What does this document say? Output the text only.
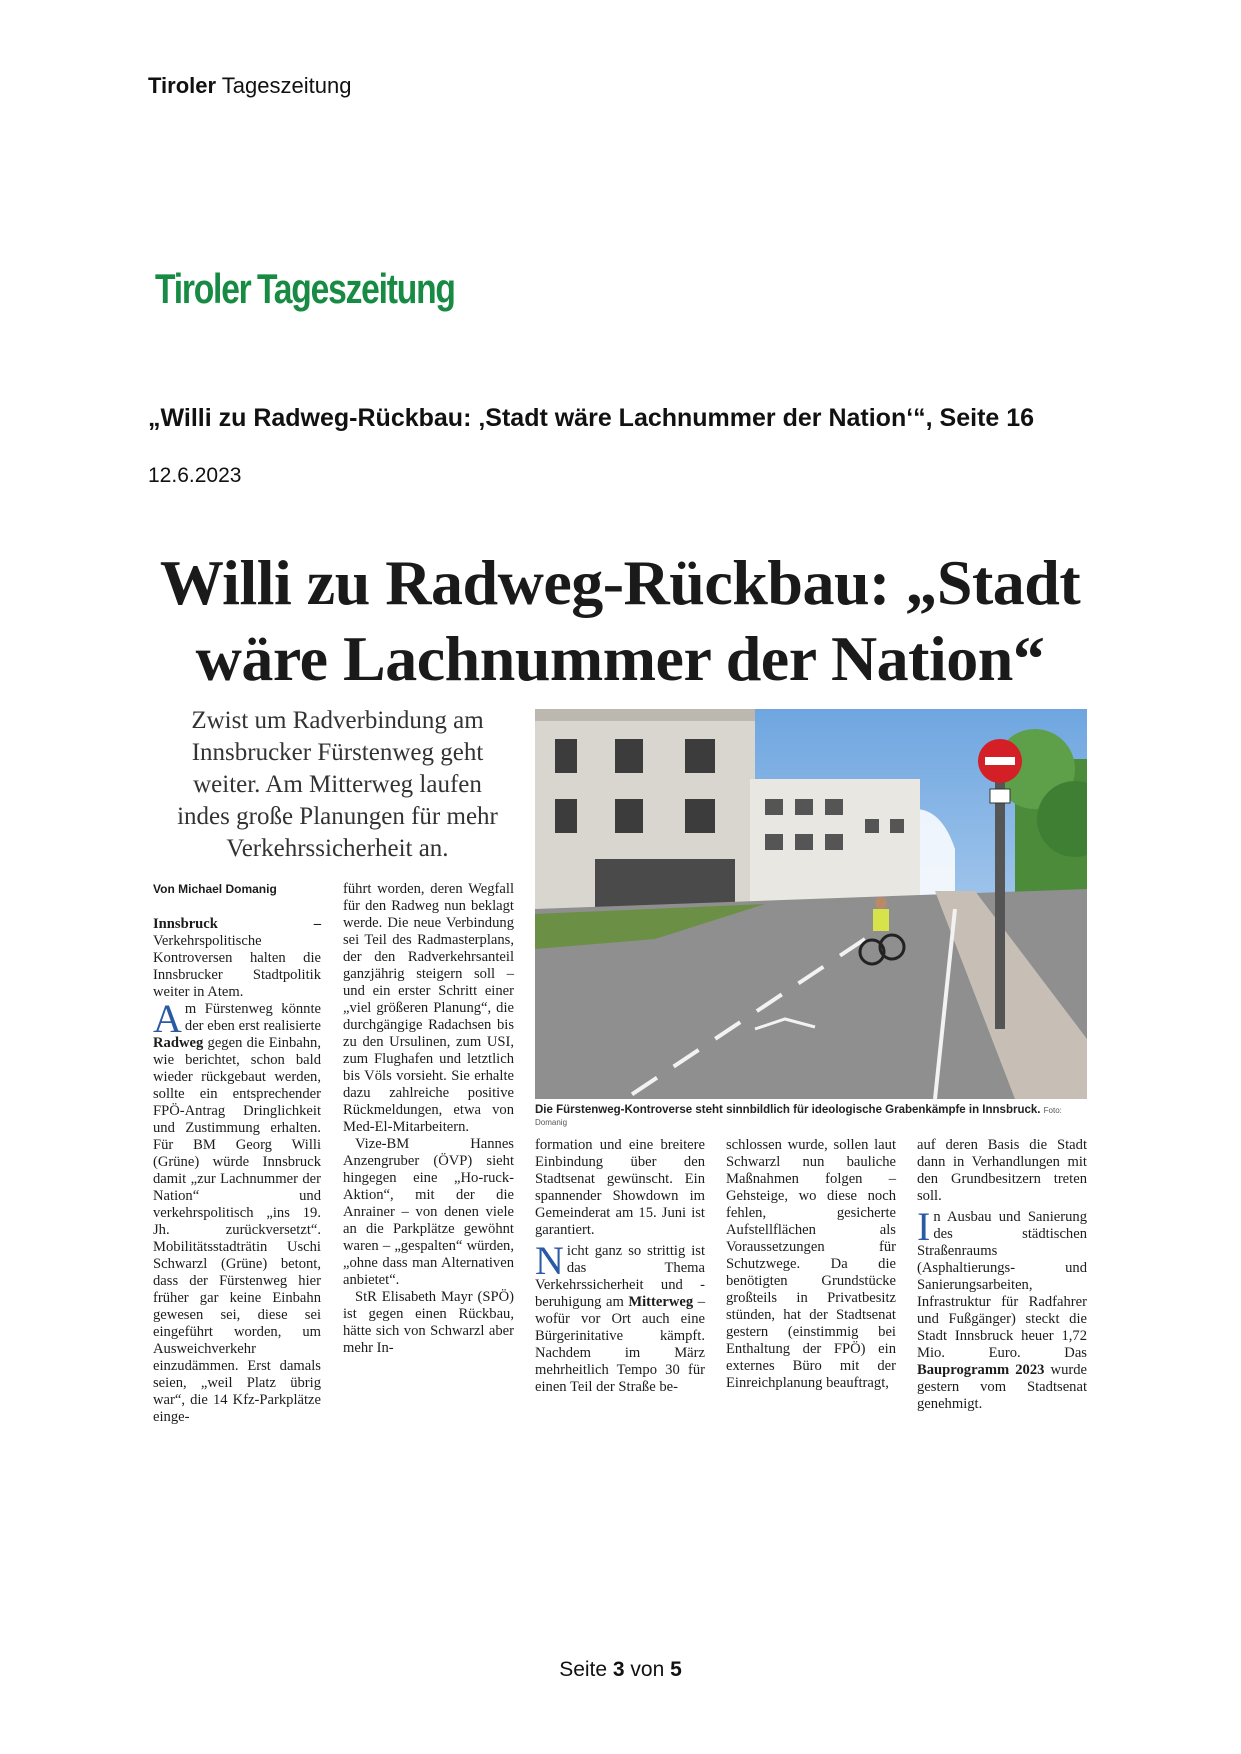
Tiroler Tageszeitung
Tiroler Tageszeitung
„Willi zu Radweg-Rückbau: ‚Stadt wäre Lachnummer der Nation‘“, Seite 16
12.6.2023
Willi zu Radweg-Rückbau: „Stadt wäre Lachnummer der Nation“
Zwist um Radverbindung am Innsbrucker Fürstenweg geht weiter. Am Mitterweg laufen indes große Planungen für mehr Verkehrssicherheit an.
Die Fürstenweg-Kontroverse steht sinnbildlich für ideologische Grabenkämpfe in Innsbruck. Foto: Domanig

Von Michael Domanig

Innsbruck – Verkehrspolitische Kontroversen halten die Innsbrucker Stadtpolitik weiter in Atem.

Am Fürstenweg könnte der eben erst realisierte Radweg gegen die Einbahn, wie berichtet, schon bald wieder rückgebaut werden, sollte ein entsprechender FPÖ-Antrag Dringlichkeit und Zustimmung erhalten. Für BM Georg Willi (Grüne) würde Innsbruck damit „zur Lachnummer der Nation“ und verkehrspolitisch „ins 19. Jh. zurückversetzt“. Mobilitätsstadträtin Uschi Schwarzl (Grüne) betont, dass der Fürstenweg hier früher gar keine Einbahn gewesen sei, diese sei eingeführt worden, um Ausweichverkehr einzudämmen. Erst damals seien, „weil Platz übrig war“, die 14 Kfz-Parkplätze einge-

führt worden, deren Wegfall für den Radweg nun beklagt werde. Die neue Verbindung sei Teil des Radmasterplans, der den Radverkehrsanteil ganzjährig steigern soll – und ein erster Schritt einer „viel größeren Planung“, die durchgängige Radachsen bis zu den Ursulinen, zum USI, zum Flughafen und letztlich bis Völs vorsieht. Sie erhalte dazu zahlreiche positive Rückmeldungen, etwa von Med-El-Mitarbeitern.

Vize-BM Hannes Anzengruber (ÖVP) sieht hingegen eine „Ho-ruck-Aktion“, mit der die Anrainer – von denen viele an die Parkplätze gewöhnt waren – „gespalten“ würden, „ohne dass man Alternativen anbietet“.

StR Elisabeth Mayr (SPÖ) ist gegen einen Rückbau, hätte sich von Schwarzl aber mehr In-

formation und eine breitere Einbindung über den Stadtsenat gewünscht. Ein spannender Showdown im Gemeinderat am 15. Juni ist garantiert.

Nicht ganz so strittig ist das Thema Verkehrssicherheit und -beruhigung am Mitterweg – wofür vor Ort auch eine Bürgerinitative kämpft. Nachdem im März mehrheitlich Tempo 30 für einen Teil der Straße be-

schlossen wurde, sollen laut Schwarzl nun bauliche Maßnahmen folgen – Gehsteige, wo diese noch fehlen, gesicherte Aufstellflächen als Voraussetzungen für Schutzwege. Da die benötigten Grundstücke großteils in Privatbesitz stünden, hat der Stadtsenat gestern (einstimmig bei Enthaltung der FPÖ) ein externes Büro mit der Einreichplanung beauftragt,

auf deren Basis die Stadt dann in Verhandlungen mit den Grundbesitzern treten soll.

In Ausbau und Sanierung des städtischen Straßenraums (Asphaltierungs- und Sanierungsarbeiten, Infrastruktur für Radfahrer und Fußgänger) steckt die Stadt Innsbruck heuer 1,72 Mio. Euro. Das Bauprogramm 2023 wurde gestern vom Stadtsenat genehmigt.

Seite 3 von 5
